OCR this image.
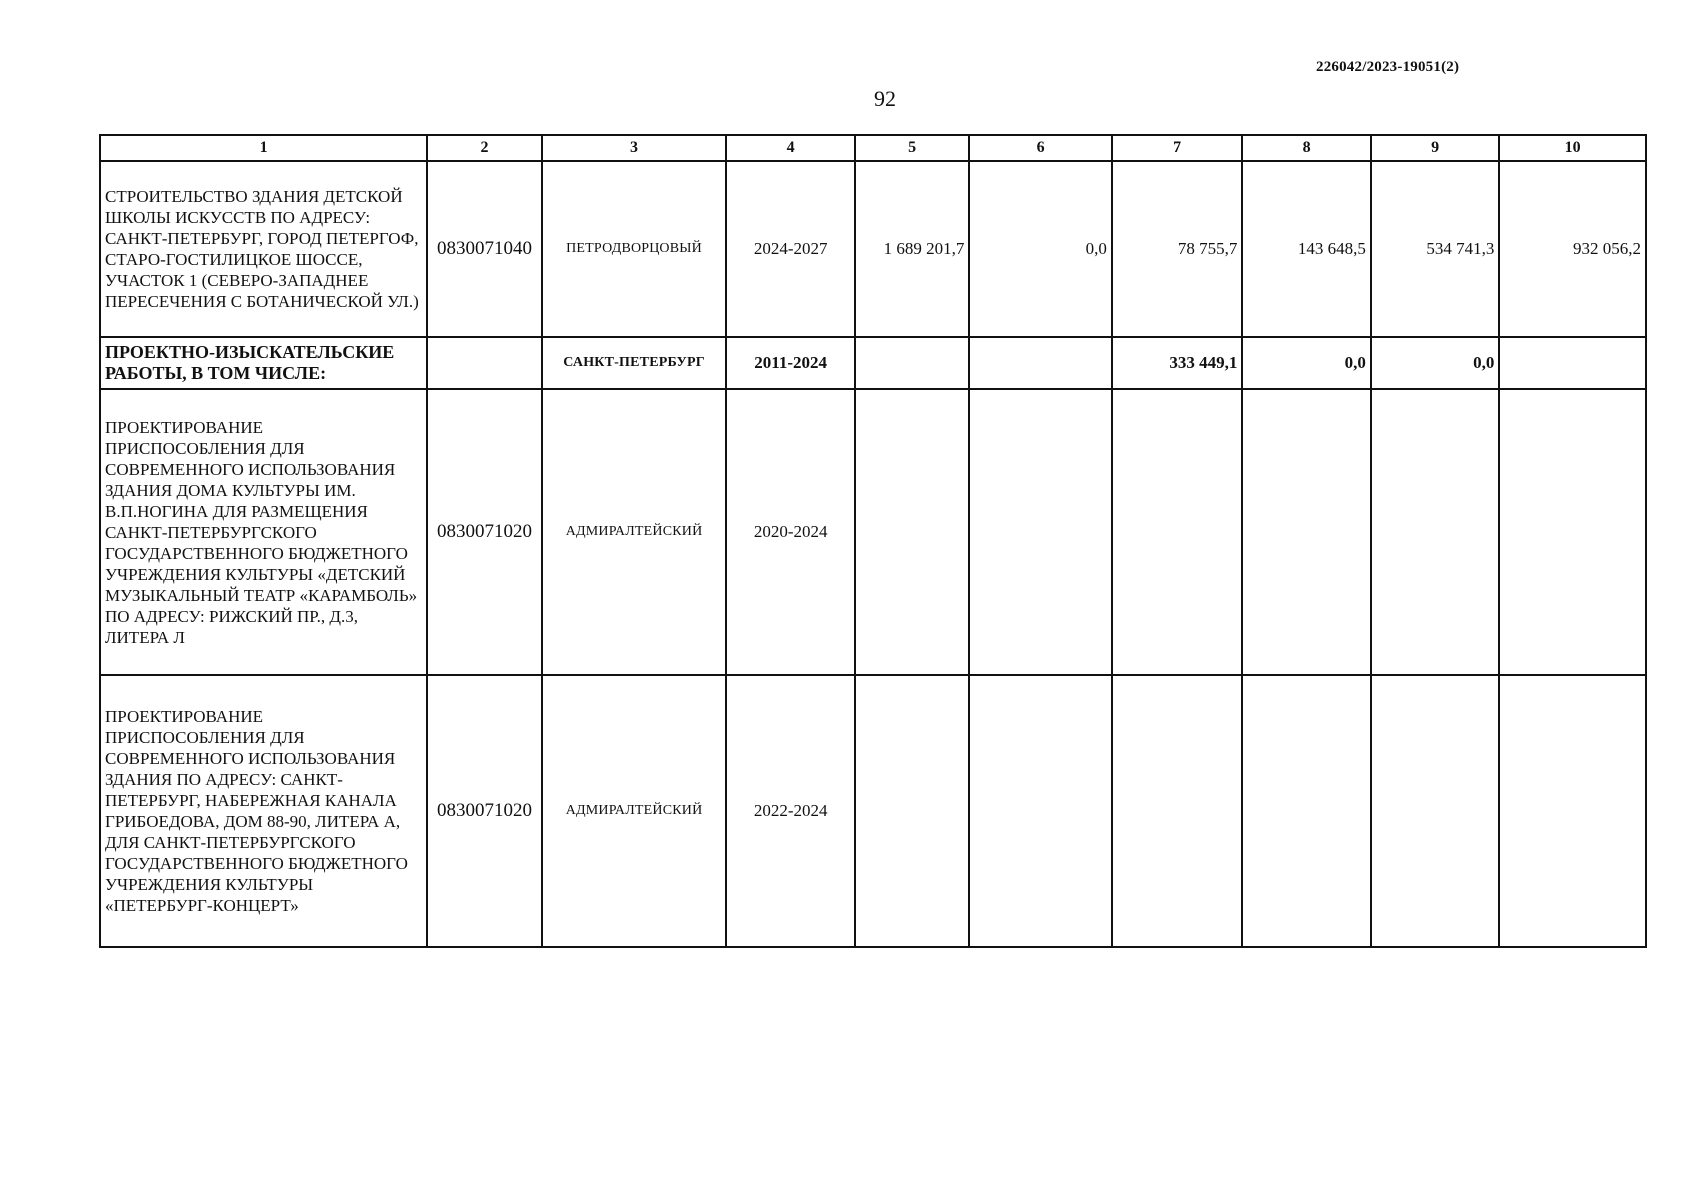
226042/2023-19051(2)
92
1	2	3	4	5	6	7	8	9	10
СТРОИТЕЛЬСТВО ЗДАНИЯ ДЕТСКОЙ ШКОЛЫ ИСКУССТВ ПО АДРЕСУ: САНКТ-ПЕТЕРБУРГ, ГОРОД ПЕТЕРГОФ, СТАРО-ГОСТИЛИЦКОЕ ШОССЕ, УЧАСТОК 1 (СЕВЕРО-ЗАПАДНЕЕ ПЕРЕСЕЧЕНИЯ С БОТАНИЧЕСКОЙ УЛ.)	0830071040	ПЕТРОДВОРЦОВЫЙ	2024-2027	1 689 201,7	0,0	78 755,7	143 648,5	534 741,3	932 056,2
ПРОЕКТНО-ИЗЫСКАТЕЛЬСКИЕ РАБОТЫ, В ТОМ ЧИСЛЕ:		САНКТ-ПЕТЕРБУРГ	2011-2024			333 449,1	0,0	0,0	
ПРОЕКТИРОВАНИЕ ПРИСПОСОБЛЕНИЯ ДЛЯ СОВРЕМЕННОГО ИСПОЛЬЗОВАНИЯ ЗДАНИЯ ДОМА КУЛЬТУРЫ ИМ. В.П.НОГИНА ДЛЯ РАЗМЕЩЕНИЯ САНКТ-ПЕТЕРБУРГСКОГО ГОСУДАРСТВЕННОГО БЮДЖЕТНОГО УЧРЕЖДЕНИЯ КУЛЬТУРЫ «ДЕТСКИЙ МУЗЫКАЛЬНЫЙ ТЕАТР «КАРАМБОЛЬ» ПО АДРЕСУ: РИЖСКИЙ ПР., Д.3, ЛИТЕРА Л	0830071020	АДМИРАЛТЕЙСКИЙ	2020-2024						
ПРОЕКТИРОВАНИЕ ПРИСПОСОБЛЕНИЯ ДЛЯ СОВРЕМЕННОГО ИСПОЛЬЗОВАНИЯ ЗДАНИЯ ПО АДРЕСУ: САНКТ-ПЕТЕРБУРГ, НАБЕРЕЖНАЯ КАНАЛА ГРИБОЕДОВА, ДОМ 88-90, ЛИТЕРА А, ДЛЯ САНКТ-ПЕТЕРБУРГСКОГО ГОСУДАРСТВЕННОГО БЮДЖЕТНОГО УЧРЕЖДЕНИЯ КУЛЬТУРЫ «ПЕТЕРБУРГ-КОНЦЕРТ»	0830071020	АДМИРАЛТЕЙСКИЙ	2022-2024						
